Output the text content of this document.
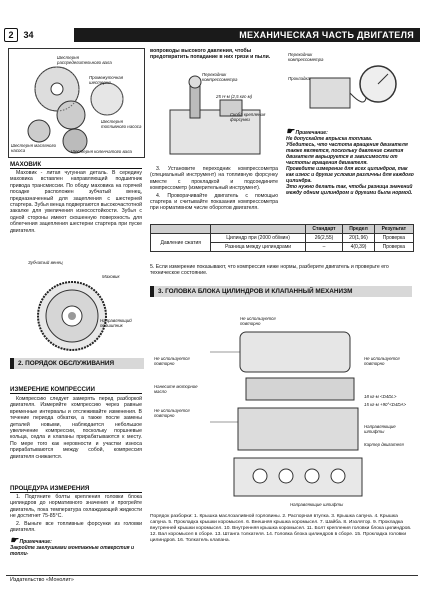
2 34	МЕХАНИЧЕСКАЯ ЧАСТЬ ДВИГАТЕЛЯ
Шестерня распределительного вала
Промежуточная шестерня
Шестерня топливного насоса
Шестерня масляного насоса	Шестерня коленчатого вала
МАХОВИК

Маховик - литая чугунная деталь. В середину маховика вставлен направляющий подшипник привода трансмиссии. По ободу маховика на горячей посадке расположен зубчатый венец, предназначенный для зацепления с шестерней стартера. Зубья венца подвергаются высокочастотной закалке для увеличения износостойкости. Зубья с одной стороны имеют скошенную поверхность для облегчения зацепления шестерни стартера при пуске двигателя.

Зубчатый венец
Маховик
Направляющий подшипник
2. ПОРЯДОК ОБСЛУЖИВАНИЯ
ИЗМЕРЕНИЕ КОМПРЕССИИ

Компрессию следует замерять перед разборкой двигателя. Измеряйте компрессию через равные временные интервалы и отслеживайте изменения. В течение периода обкатки, а также после замены деталей новыми, наблюдается небольшое увеличение компрессии, поскольку поршневые кольца, седла и клапаны прирабатываются к месту. По мере того как неровности и участки износа прирабатываются между собой, компрессия двигателя снижается.

ПРОЦЕДУРА ИЗМЕРЕНИЯ

1. Подтяните болты крепления головки блока цилиндров до нормативного значения и прогрейте двигатель, пока температура охлаждающей жидкости не достигнет 75-85°С.

2. Выньте все топливные форсунки из головки двигателя.

☛ Примечание:
Закройте заглушками монтажные отверстия и топли-
вопроводы высокого давления, чтобы предотвратить попадание в них грязи и пыли.
Переходник компрессометра
25 H·м (2,5 кгс·м)
Скоба крепления форсунки

3. Установите переходник компрессометра (специальный инструмент) на топливную форсунку вместе с прокладкой и подсоедините компрессометр (измерительный инструмент).

4. Проворачивайте двигатель с помощью стартера и считывайте показания компрессометра при нормативном числе оборотов двигателя.

Переходник компрессометра
Прокладка
☛ Примечание:
Не допускайте впрыска топлива.
Убедитесь, что частота вращения двигателя также является, поскольку давление сжатия двигателя варьируется в зависимости от частоты вращения двигателя.
Проведите измерение для всех цилиндров, так как износ и другие условия различны для каждого цилиндра.
Это нужно делать так, чтобы разница значений между одним цилиндром и другими была нормой.
		Стандарт	Предел	Результат
Давление сжатия	Цилиндр при (2000 об/мин)	26(2,55)	20(1,96)	Проверка
	Разница между цилиндрами	–	4(0,39)	Проверка
5. Если измерение показывают, что компрессия ниже нормы, разберите двигатель и проверьте его техническое состояние.
3. ГОЛОВКА БЛОКА ЦИЛИНДРОВ И КЛАПАННЫЙ МЕХАНИЗМ
Не используется повторно
Не используется повторно
Нанесите моторное масло
Не используется повторно
Не используется повторно
18 кг·м <D4DL>
15 кг·м +90°<D4DA>
Направляющие штифты
Картер двигателя
Направляющие штифты
Порядок разборки: 1. Крышка маслозаливной горловины. 2. Распорная втулка. 3. Крышка сапуна. 4. Крышка сапуна. 5. Прокладка крышки коромысел. 6. Внешняя крышка коромысел. 7. Шайба. 8. Изолятор. 9. Прокладка внутренней крышки коромысел. 10. Внутренняя крышка коромысел. 11. Болт крепления головки блока цилиндров. 12. Вал коромысел в сборе. 13. Штанга толкателя. 14. Головка блока цилиндров в сборе. 15. Прокладка головки цилиндров. 16. Толкатель клапана.
Издательство «Монолит»
